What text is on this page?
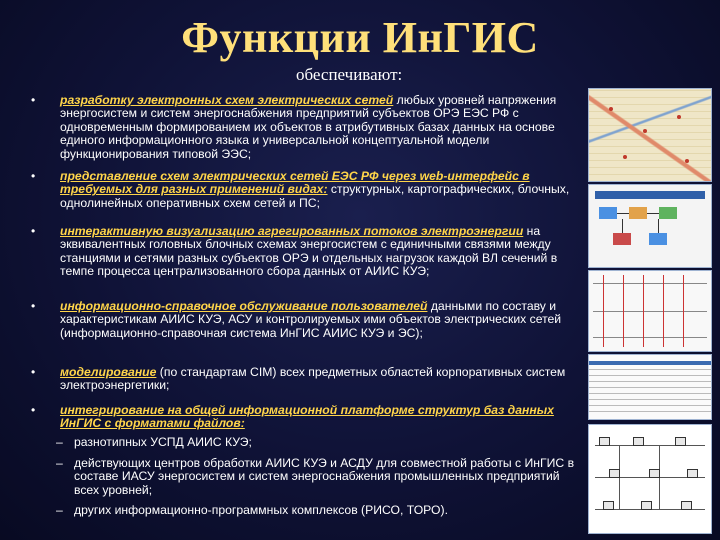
Функции ИнГИС
обеспечивают:
• разработку электронных схем электрических сетей любых уровней напряжения энергосистем и систем энергоснабжения предприятий субъектов ОРЭ ЕЭС РФ с одновременным формированием их объектов в атрибутивных базах данных на основе единого информационного языка и универсальной концептуальной модели функционирования типовой ЭЭС;
• представление схем электрических сетей ЕЭС РФ через web-интерфейс в требуемых для разных применений видах: структурных, картографических, блочных, однолинейных оперативных схем сетей и ПС;
• интерактивную визуализацию агрегированных потоков электроэнергии на эквивалентных головных блочных схемах энергосистем с единичными связями между станциями и сетями разных субъектов ОРЭ и отдельных нагрузок каждой ВЛ сечений в темпе процесса централизованного сбора данных от АИИС КУЭ;
• информационно-справочное обслуживание пользователей данными по составу и характеристикам АИИС КУЭ, АСУ и контролируемых ими объектов электрических сетей (информационно-справочная система ИнГИС АИИС КУЭ и ЭС);
• моделирование (по стандартам CIM) всех предметных областей корпоративных систем электроэнергетики;
• интегрирование на общей информационной платформе структур баз данных ИнГИС с форматами файлов:
– разнотипных УСПД АИИС КУЭ;
– действующих центров обработки АИИС КУЭ и АСДУ для совместной работы с ИнГИС в составе ИАСУ энергосистем и систем энергоснабжения промышленных предприятий всех уровней;
– других информационно-программных комплексов (РИСО, ТОРО).
